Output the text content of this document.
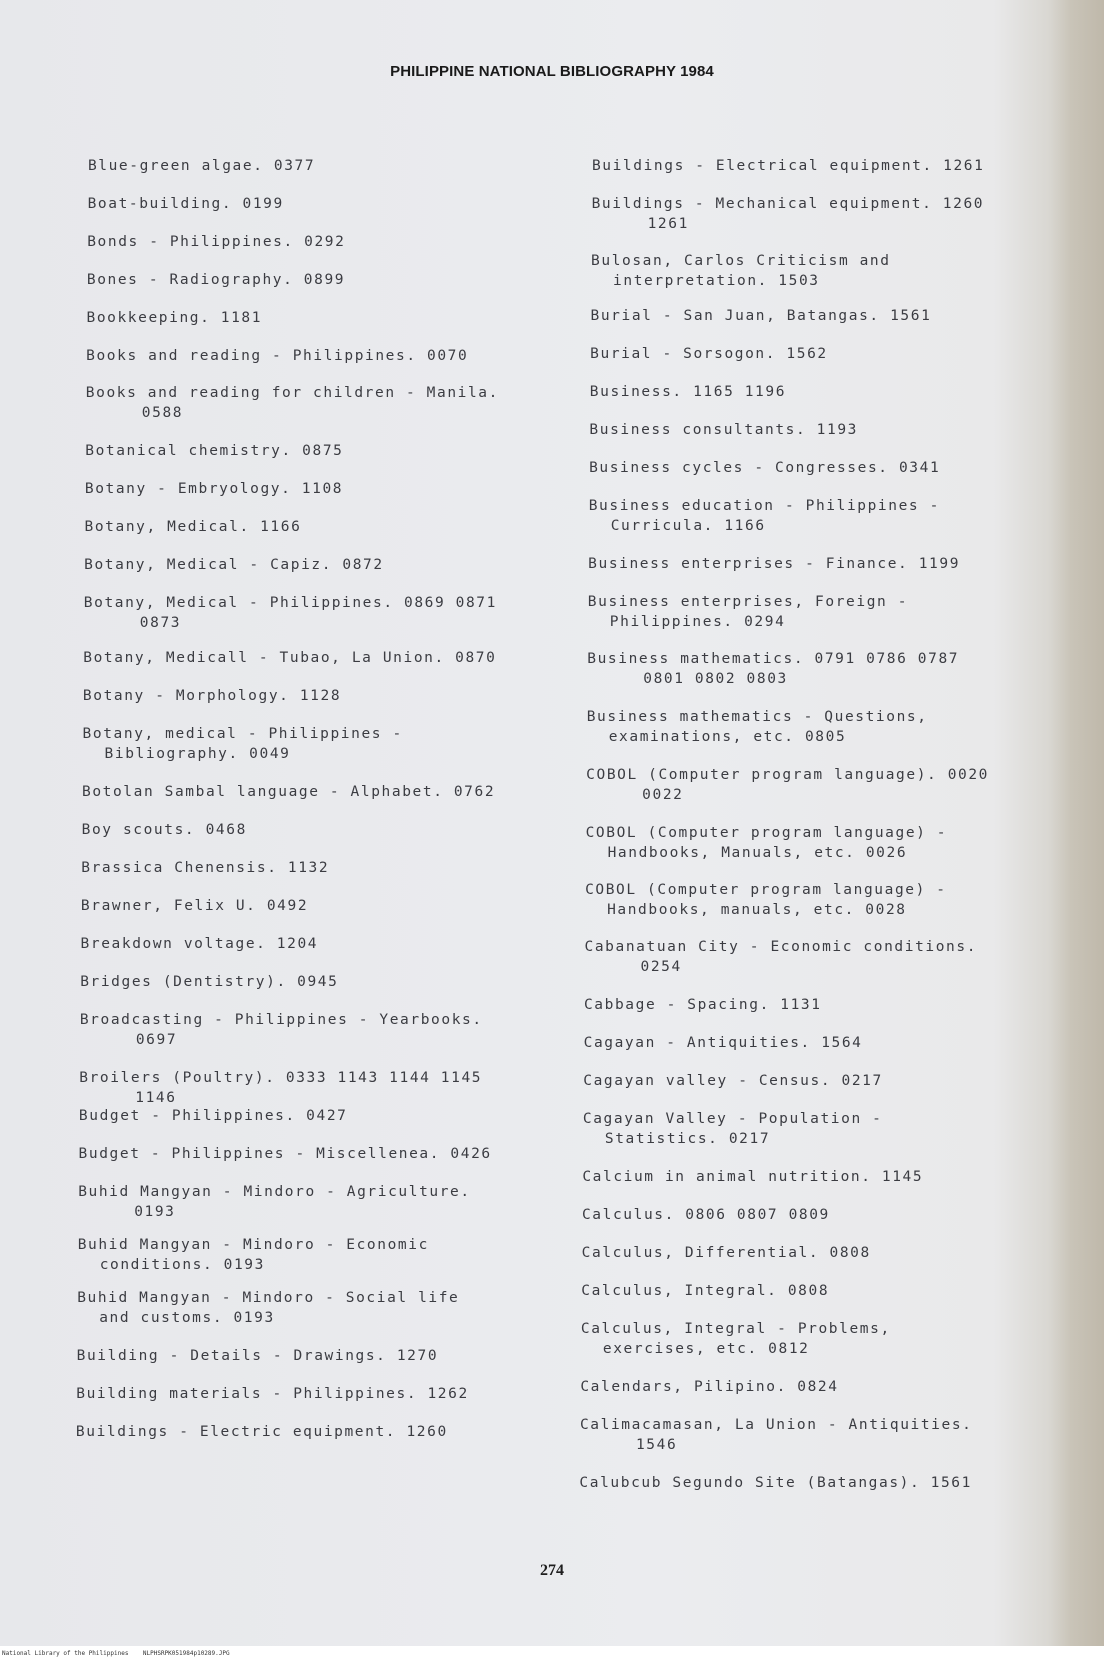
PHILIPPINE NATIONAL BIBLIOGRAPHY 1984
Blue-green algae. 0377
Boat-building. 0199
Bonds - Philippines. 0292
Bones - Radiography. 0899
Bookkeeping. 1181
Books and reading - Philippines. 0070
Books and reading for children - Manila.
0588
Botanical chemistry. 0875
Botany - Embryology. 1108
Botany, Medical. 1166
Botany, Medical - Capiz. 0872
Botany, Medical - Philippines. 0869 0871
0873
Botany, Medicall - Tubao, La Union. 0870
Botany - Morphology. 1128
Botany, medical - Philippines -
Bibliography. 0049
Botolan Sambal language - Alphabet. 0762
Boy scouts. 0468
Brassica Chenensis. 1132
Brawner, Felix U. 0492
Breakdown voltage. 1204
Bridges (Dentistry). 0945
Broadcasting - Philippines - Yearbooks.
0697
Broilers (Poultry). 0333 1143 1144 1145
1146
Budget - Philippines. 0427
Budget - Philippines - Miscellenea. 0426
Buhid Mangyan - Mindoro - Agriculture.
0193
Buhid Mangyan - Mindoro - Economic
conditions. 0193
Buhid Mangyan - Mindoro - Social life
and customs. 0193
Building - Details - Drawings. 1270
Building materials - Philippines. 1262
Buildings - Electric equipment. 1260
Buildings - Electrical equipment. 1261
Buildings - Mechanical equipment. 1260
1261
Bulosan, Carlos Criticism and
interpretation. 1503
Burial - San Juan, Batangas. 1561
Burial - Sorsogon. 1562
Business. 1165 1196
Business consultants. 1193
Business cycles - Congresses. 0341
Business education - Philippines -
Curricula. 1166
Business enterprises - Finance. 1199
Business enterprises, Foreign -
Philippines. 0294
Business mathematics. 0791 0786 0787
0801 0802 0803
Business mathematics - Questions,
examinations, etc. 0805
COBOL (Computer program language). 0020
0022
COBOL (Computer program language) -
Handbooks, Manuals, etc. 0026
COBOL (Computer program language) -
Handbooks, manuals, etc. 0028
Cabanatuan City - Economic conditions.
0254
Cabbage - Spacing. 1131
Cagayan - Antiquities. 1564
Cagayan valley - Census. 0217
Cagayan Valley - Population -
Statistics. 0217
Calcium in animal nutrition. 1145
Calculus. 0806 0807 0809
Calculus, Differential. 0808
Calculus, Integral. 0808
Calculus, Integral - Problems,
exercises, etc. 0812
Calendars, Pilipino. 0824
Calimacamasan, La Union - Antiquities.
1546
Calubcub Segundo Site (Batangas). 1561
274
National Library of the Philippines NLPHSRPK051984p10289.JPG
